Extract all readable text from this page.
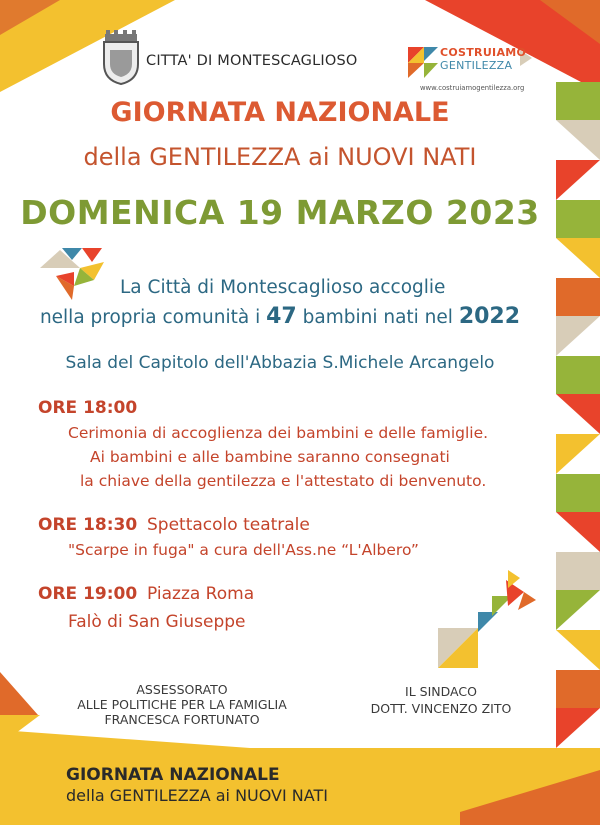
CITTA' DI MONTESCAGLIOSO
COSTRUIAMO
GENTILEZZA
www.costruiamogentilezza.org
GIORNATA NAZIONALE
della GENTILEZZA ai NUOVI NATI
DOMENICA 19 MARZO 2023
La Città di Montescaglioso accoglie
nella propria comunità i 47 bambini nati nel 2022
Sala del Capitolo dell'Abbazia S.Michele Arcangelo
ORE 18:00
Cerimonia di accoglienza dei bambini e delle famiglie.
Ai bambini e alle bambine saranno consegnati
la chiave della gentilezza e l'attestato di benvenuto.
ORE 18:30 Spettacolo teatrale
"Scarpe in fuga" a cura dell'Ass.ne “L'Albero”
ORE 19:00 Piazza Roma
Falò di San Giuseppe
ASSESSORATO
ALLE POLITICHE PER LA FAMIGLIA
FRANCESCA FORTUNATO
IL SINDACO
DOTT. VINCENZO ZITO
GIORNATA NAZIONALE
della GENTILEZZA ai NUOVI NATI
